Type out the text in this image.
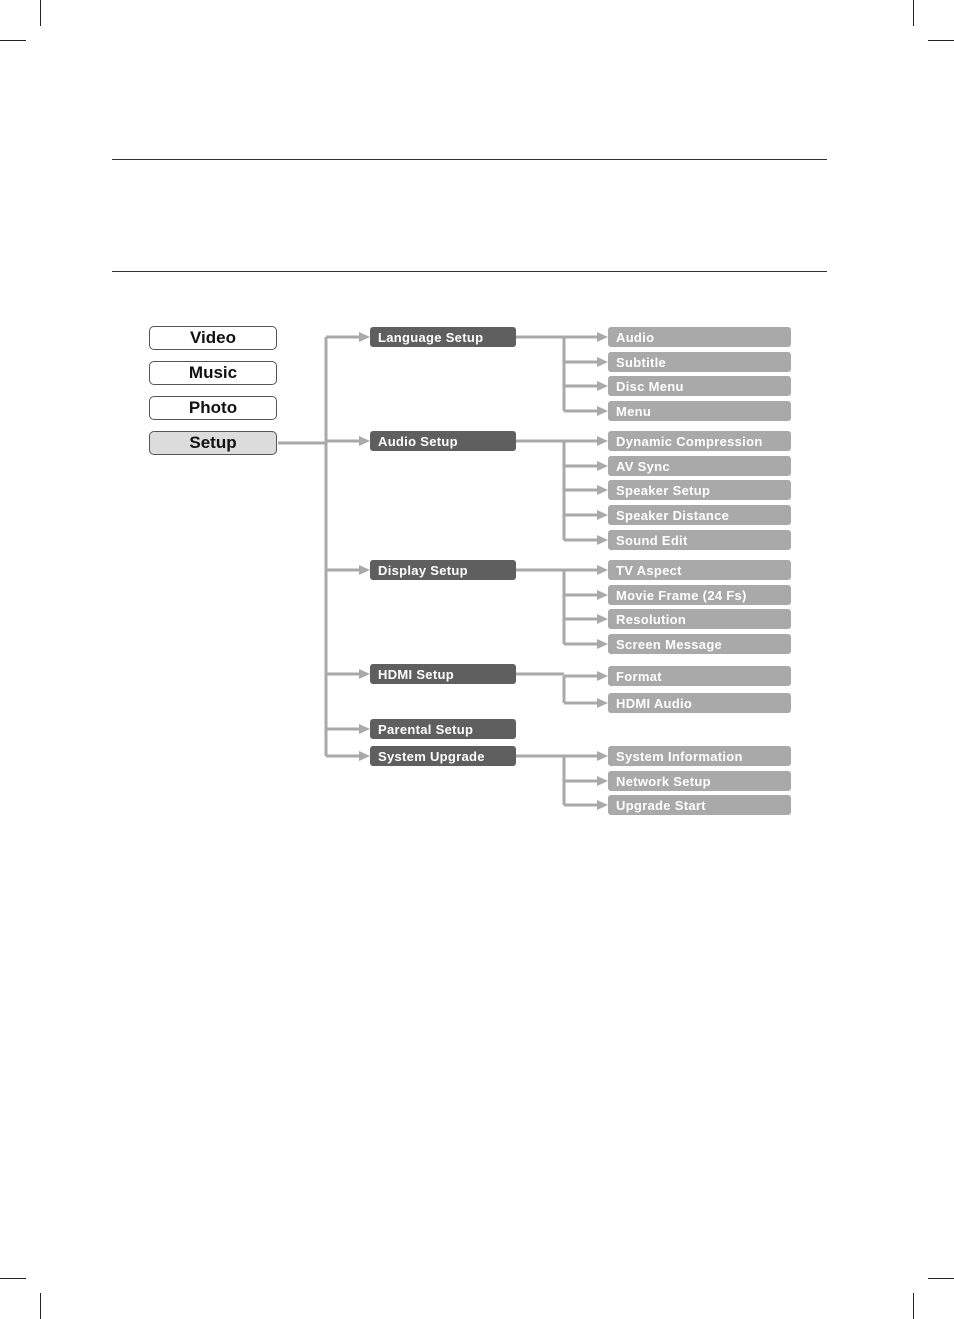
Video
Music
Photo
Setup
Language Setup	Audio
Subtitle
Disc Menu
Menu
Audio Setup	Dynamic Compression
AV Sync
Speaker Setup
Speaker Distance
Sound Edit
Display Setup	TV Aspect
Movie Frame (24 Fs)
Resolution
Screen Message
HDMI Setup	Format
HDMI Audio
Parental Setup
System Upgrade	System Information
Network Setup
Upgrade Start
